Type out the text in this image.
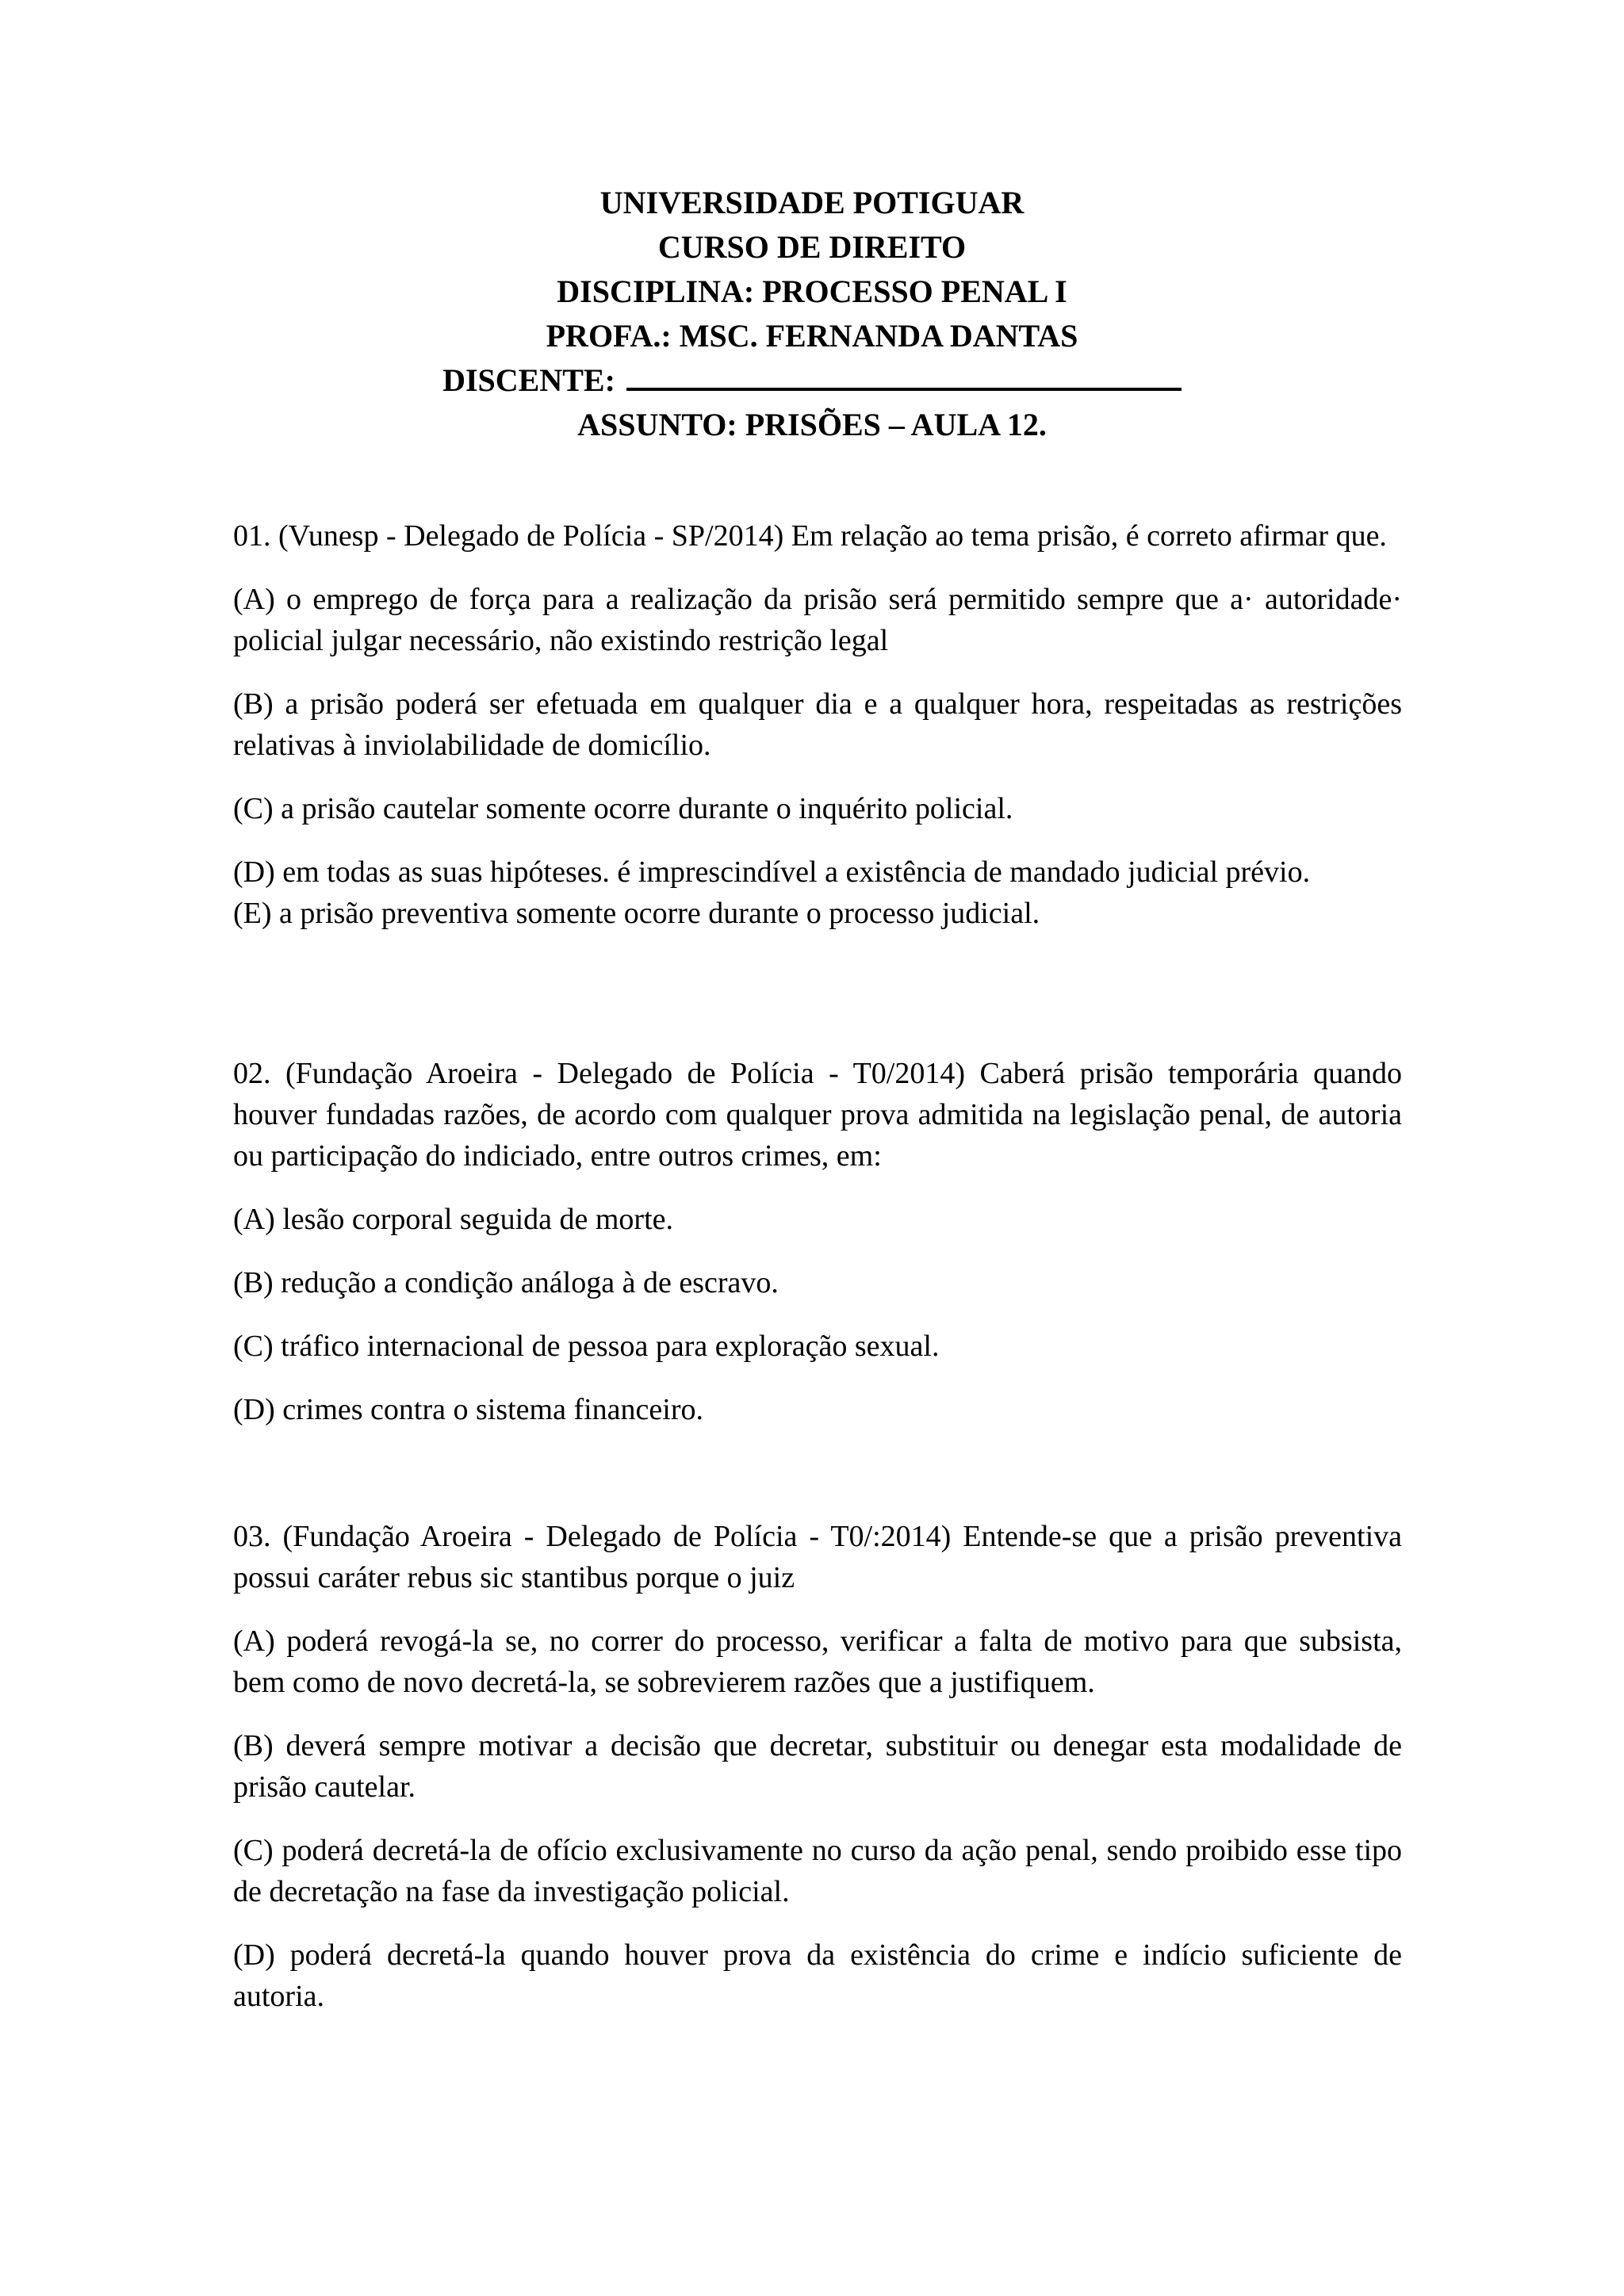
UNIVERSIDADE POTIGUAR
CURSO DE DIREITO
DISCIPLINA: PROCESSO PENAL I
PROFA.: MSC. FERNANDA DANTAS
DISCENTE:
ASSUNTO: PRISÕES – AULA 12.

01. (Vunesp - Delegado de Polícia - SP/2014) Em relação ao tema prisão, é correto afirmar que.

(A) o emprego de força para a realização da prisão será permitido sempre que a· autoridade· policial julgar necessário, não existindo restrição legal

(B) a prisão poderá ser efetuada em qualquer dia e a qualquer hora, respeitadas as restrições relativas à inviolabilidade de domicílio.

(C) a prisão cautelar somente ocorre durante o inquérito policial.

(D) em todas as suas hipóteses. é imprescindível a existência de mandado judicial prévio.

(E) a prisão preventiva somente ocorre durante o processo judicial.

02. (Fundação Aroeira - Delegado de Polícia - T0/2014) Caberá prisão temporária quando houver fundadas razões, de acordo com qualquer prova admitida na legislação penal, de autoria ou participação do indiciado, entre outros crimes, em:

(A) lesão corporal seguida de morte.

(B) redução a condição análoga à de escravo.

(C) tráfico internacional de pessoa para exploração sexual.

(D) crimes contra o sistema financeiro.

03. (Fundação Aroeira - Delegado de Polícia - T0/:2014) Entende-se que a prisão preventiva possui caráter rebus sic stantibus porque o juiz

(A) poderá revogá-la se, no correr do processo, verificar a falta de motivo para que subsista, bem como de novo decretá-la, se sobrevierem razões que a justifiquem.

(B) deverá sempre motivar a decisão que decretar, substituir ou denegar esta modalidade de prisão cautelar.

(C) poderá decretá-la de ofício exclusivamente no curso da ação penal, sendo proibido esse tipo de decretação na fase da investigação policial.

(D) poderá decretá-la quando houver prova da existência do crime e indício suficiente de autoria.
